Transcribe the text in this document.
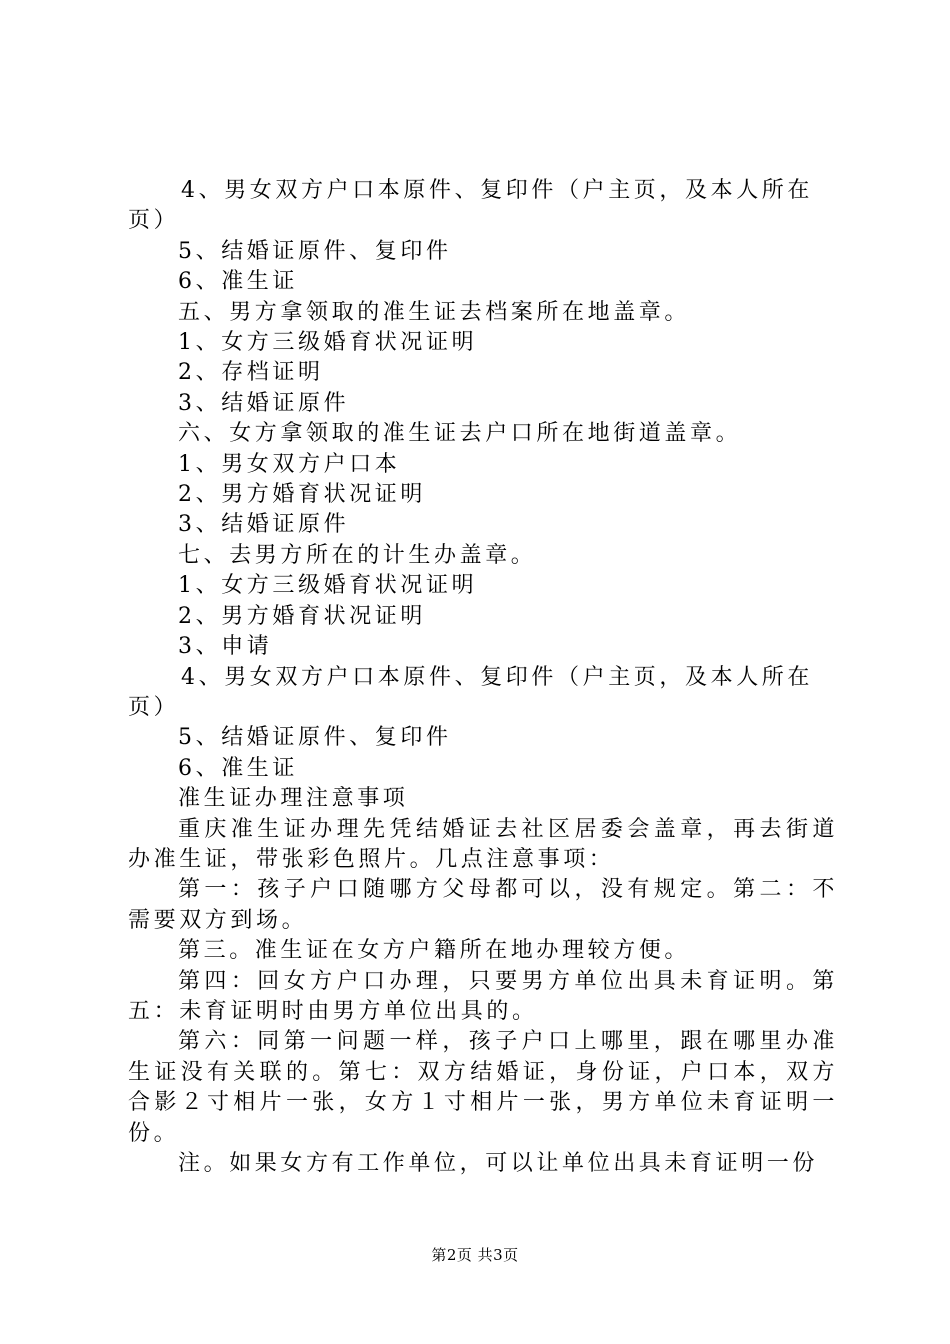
4、男女双方户口本原件、复印件（户主页，及本人所在

页）

5、结婚证原件、复印件

6、准生证

五、男方拿领取的准生证去档案所在地盖章。

1、女方三级婚育状况证明

2、存档证明

3、结婚证原件

六、女方拿领取的准生证去户口所在地街道盖章。

1、男女双方户口本

2、男方婚育状况证明

3、结婚证原件

七、去男方所在的计生办盖章。

1、女方三级婚育状况证明

2、男方婚育状况证明

3、申请

4、男女双方户口本原件、复印件（户主页，及本人所在

页）

5、结婚证原件、复印件

6、准生证

准生证办理注意事项

重庆准生证办理先凭结婚证去社区居委会盖章，再去街道办准生证，带张彩色照片。几点注意事项：

第一：孩子户口随哪方父母都可以，没有规定。第二：不需要双方到场。

第三。准生证在女方户籍所在地办理较方便。

第四：回女方户口办理，只要男方单位出具未育证明。第五：未育证明时由男方单位出具的。

第六：同第一问题一样，孩子户口上哪里，跟在哪里办准生证没有关联的。第七：双方结婚证，身份证，户口本，双方合影２寸相片一张，女方１寸相片一张，男方单位未育证明一份。

注。如果女方有工作单位，可以让单位出具未育证明一份

第2页 共3页
